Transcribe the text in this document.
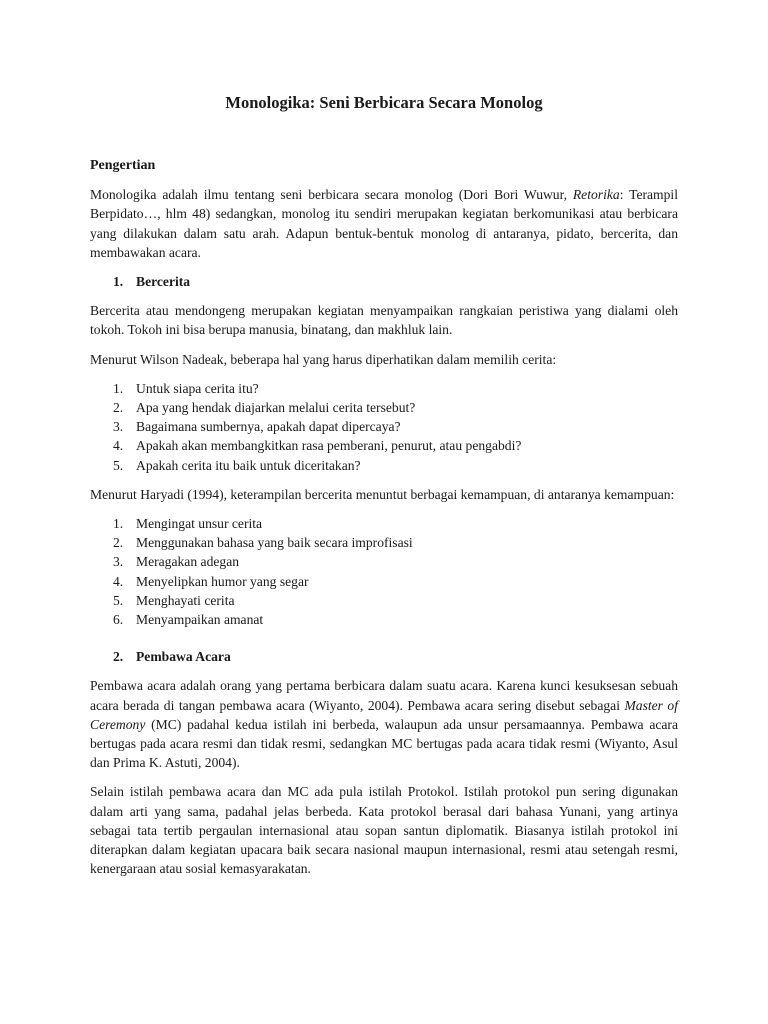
Monologika: Seni Berbicara Secara Monolog
Pengertian

Monologika adalah ilmu tentang seni berbicara secara monolog (Dori Bori Wuwur, Retorika: Terampil Berpidato…, hlm 48) sedangkan, monolog itu sendiri merupakan kegiatan berkomunikasi atau berbicara yang dilakukan dalam satu arah. Adapun bentuk-bentuk monolog di antaranya, pidato, bercerita, dan membawakan acara.

1. Bercerita

Bercerita atau mendongeng merupakan kegiatan menyampaikan rangkaian peristiwa yang dialami oleh tokoh. Tokoh ini bisa berupa manusia, binatang, dan makhluk lain.

Menurut Wilson Nadeak, beberapa hal yang harus diperhatikan dalam memilih cerita:

1. Untuk siapa cerita itu?
2. Apa yang hendak diajarkan melalui cerita tersebut?
3. Bagaimana sumbernya, apakah dapat dipercaya?
4. Apakah akan membangkitkan rasa pemberani, penurut, atau pengabdi?
5. Apakah cerita itu baik untuk diceritakan?

Menurut Haryadi (1994), keterampilan bercerita menuntut berbagai kemampuan, di antaranya kemampuan:

1. Mengingat unsur cerita
2. Menggunakan bahasa yang baik secara improfisasi
3. Meragakan adegan
4. Menyelipkan humor yang segar
5. Menghayati cerita
6. Menyampaikan amanat
2. Pembawa Acara

Pembawa acara adalah orang yang pertama berbicara dalam suatu acara. Karena kunci kesuksesan sebuah acara berada di tangan pembawa acara (Wiyanto, 2004). Pembawa acara sering disebut sebagai Master of Ceremony (MC) padahal kedua istilah ini berbeda, walaupun ada unsur persamaannya. Pembawa acara bertugas pada acara resmi dan tidak resmi, sedangkan MC bertugas pada acara tidak resmi (Wiyanto, Asul dan Prima K. Astuti, 2004).

Selain istilah pembawa acara dan MC ada pula istilah Protokol. Istilah protokol pun sering digunakan dalam arti yang sama, padahal jelas berbeda. Kata protokol berasal dari bahasa Yunani, yang artinya sebagai tata tertib pergaulan internasional atau sopan santun diplomatik. Biasanya istilah protokol ini diterapkan dalam kegiatan upacara baik secara nasional maupun internasional, resmi atau setengah resmi, kenergaraan atau sosial kemasyarakatan.
